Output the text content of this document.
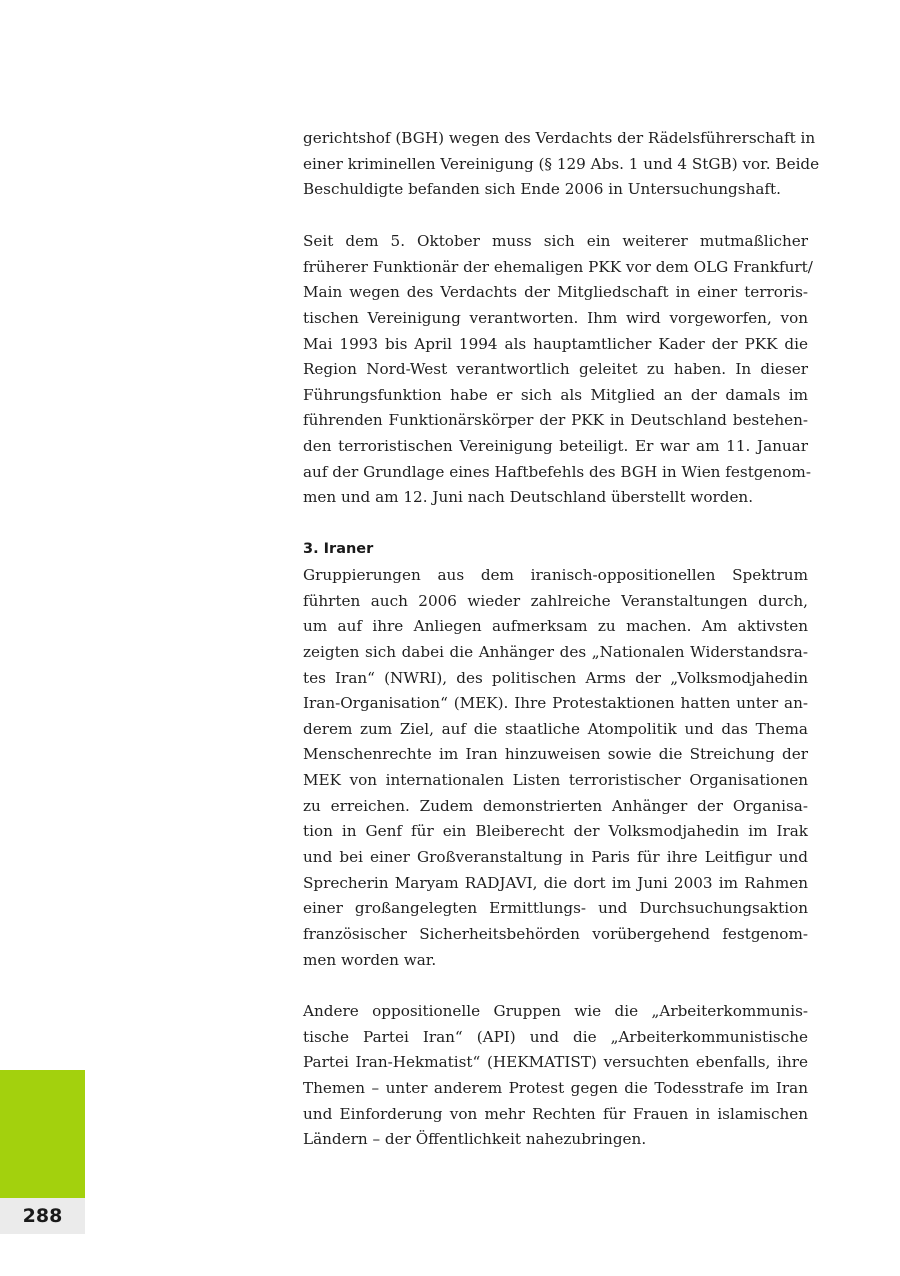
gerichtshof (BGH) wegen des Verdachts der Rädelsführerschaft in
einer kriminellen Vereinigung (§ 129 Abs. 1 und 4 StGB) vor. Beide
Beschuldigte befanden sich Ende 2006 in Untersuchungshaft.
Seit dem 5. Oktober muss sich ein weiterer mutmaßlicher
früherer Funktionär der ehemaligen PKK vor dem OLG Frankfurt/
Main wegen des Verdachts der Mitgliedschaft in einer terroris-
tischen Vereinigung verantworten. Ihm wird vorgeworfen, von
Mai 1993 bis April 1994 als hauptamtlicher Kader der PKK die
Region Nord-West verantwortlich geleitet zu haben. In dieser
Führungsfunktion habe er sich als Mitglied an der damals im
führenden Funktionärskörper der PKK in Deutschland bestehen-
den terroristischen Vereinigung beteiligt. Er war am 11. Januar
auf der Grundlage eines Haftbefehls des BGH in Wien festgenom-
men und am 12. Juni nach Deutschland überstellt worden.
3. Iraner
Gruppierungen aus dem iranisch-oppositionellen Spektrum
führten auch 2006 wieder zahlreiche Veranstaltungen durch,
um auf ihre Anliegen aufmerksam zu machen. Am aktivsten
zeigten sich dabei die Anhänger des „Nationalen Widerstandsra-
tes Iran“ (NWRI), des politischen Arms der „Volksmodjahedin
Iran-Organisation“ (MEK). Ihre Protestaktionen hatten unter an-
derem zum Ziel, auf die staatliche Atompolitik und das Thema
Menschenrechte im Iran hinzuweisen sowie die Streichung der
MEK von internationalen Listen terroristischer Organisationen
zu erreichen. Zudem demonstrierten Anhänger der Organisa-
tion in Genf für ein Bleiberecht der Volksmodjahedin im Irak
und bei einer Großveranstaltung in Paris für ihre Leitfigur und
Sprecherin Maryam RADJAVI, die dort im Juni 2003 im Rahmen
einer großangelegten Ermittlungs- und Durchsuchungsaktion
französischer Sicherheitsbehörden vorübergehend festgenom-
men worden war.
Andere oppositionelle Gruppen wie die „Arbeiterkommunis-
tische Partei Iran“ (API) und die „Arbeiterkommunistische
Partei Iran-Hekmatist“ (HEKMATIST) versuchten ebenfalls, ihre
Themen – unter anderem Protest gegen die Todesstrafe im Iran
und Einforderung von mehr Rechten für Frauen in islamischen
Ländern – der Öffentlichkeit nahezubringen.
288
